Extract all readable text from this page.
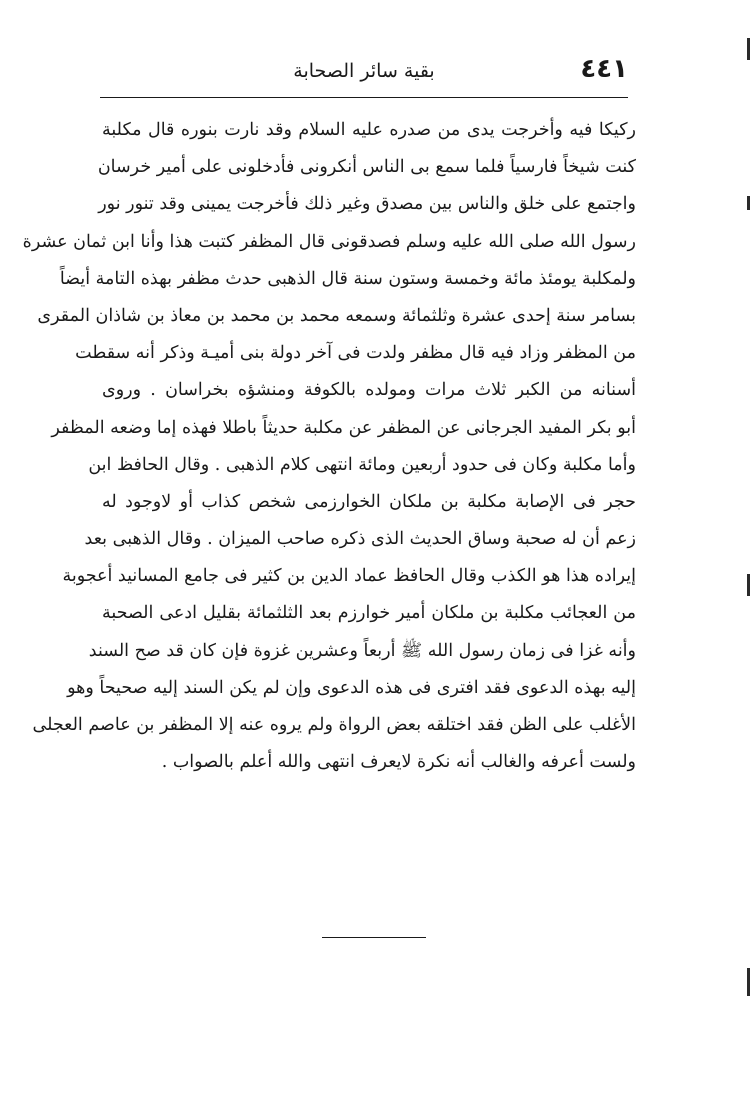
٤٤١
بقية سائر الصحابة
ركيكا فيه وأخرجت يدى من صدره عليه السلام وقد نارت بنوره قال مكلبة
كنت شيخاً فارسياً فلما سمع بى الناس أنكرونى فأدخلونى على أمير خرسان
واجتمع على خلق والناس بين مصدق وغير ذلك فأخرجت يمينى وقد تنور نور
رسول الله صلى الله عليه وسلم فصدقونى قال المظفر كتبت هذا وأنا ابن ثمان عشرة
ولمكلبة يومئذ مائة وخمسة وستون سنة قال الذهبى حدث مظفر بهذه التامة أيضاً
بسامر سنة إحدى عشرة وثلثمائة وسمعه محمد بن محمد بن معاذ بن شاذان المقرى
من المظفر وزاد فيه قال مظفر ولدت فى آخر دولة بنى أميـة وذكر أنه سقطت
أسنانه من الكبر ثلاث مرات ومولده بالكوفة ومنشؤه بخراسان . وروى
أبو بكر المفيد الجرجانى عن المظفر عن مكلبة حديثاً باطلا فهذه إما وضعه المظفر
وأما مكلبة وكان فى حدود أربعين ومائة انتهى كلام الذهبى . وقال الحافظ ابن
حجر فى الإصابة مكلبة بن ملكان الخوارزمى شخص كذاب أو لاوجود له
زعم أن له صحبة وساق الحديث الذى ذكره صاحب الميزان . وقال الذهبى بعد
إيراده هذا هو الكذب وقال الحافظ عماد الدين بن كثير فى جامع المسانيد أعجوبة
من العجائب مكلبة بن ملكان أمير خوارزم بعد الثلثمائة بقليل ادعى الصحبة
وأنه غزا فى زمان رسول الله ﷺ أربعاً وعشرين غزوة فإن كان قد صح السند
إليه بهذه الدعوى فقد افترى فى هذه الدعوى وإن لم يكن السند إليه صحيحاً وهو
الأغلب على الظن فقد اختلقه بعض الرواة ولم يروه عنه إلا المظفر بن عاصم العجلى
ولست أعرفه والغالب أنه نكرة لايعرف انتهى والله أعلم بالصواب .
